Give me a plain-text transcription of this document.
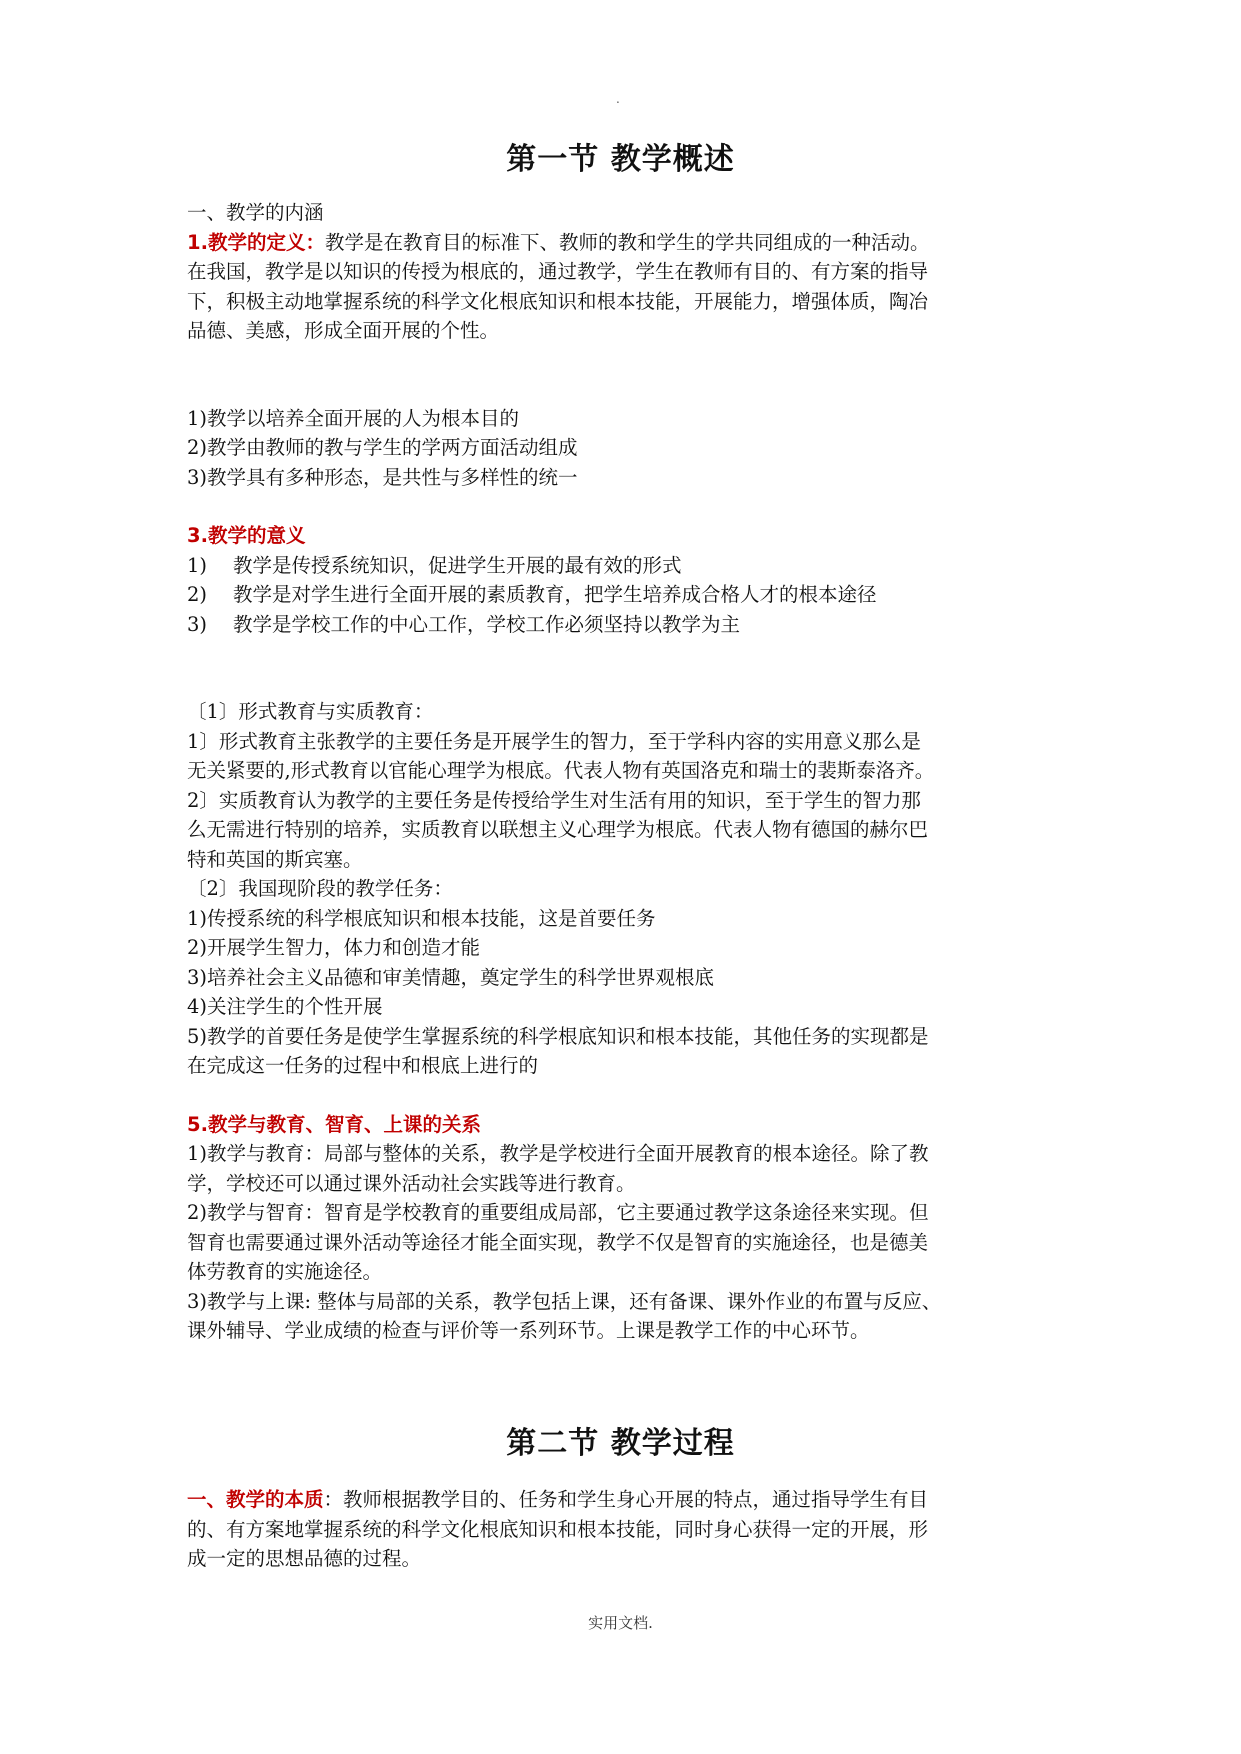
.
第一节 教学概述
一、教学的内涵
1.教学的定义：教学是在教育目的标准下、教师的教和学生的学共同组成的一种活动。
在我国，教学是以知识的传授为根底的，通过教学，学生在教师有目的、有方案的指导
下，积极主动地掌握系统的科学文化根底知识和根本技能，开展能力，增强体质，陶冶
品德、美感，形成全面开展的个性。
1)教学以培养全面开展的人为根本目的
2)教学由教师的教与学生的学两方面活动组成
3)教学具有多种形态，是共性与多样性的统一
3.教学的意义
1) 教学是传授系统知识，促进学生开展的最有效的形式
2) 教学是对学生进行全面开展的素质教育，把学生培养成合格人才的根本途径
3) 教学是学校工作的中心工作，学校工作必须坚持以教学为主
〔1〕形式教育与实质教育：
1〕形式教育主张教学的主要任务是开展学生的智力，至于学科内容的实用意义那么是
无关紧要的,形式教育以官能心理学为根底。代表人物有英国洛克和瑞士的裴斯泰洛齐。
2〕实质教育认为教学的主要任务是传授给学生对生活有用的知识，至于学生的智力那
么无需进行特别的培养，实质教育以联想主义心理学为根底。代表人物有德国的赫尔巴
特和英国的斯宾塞。
〔2〕我国现阶段的教学任务：
1)传授系统的科学根底知识和根本技能，这是首要任务
2)开展学生智力，体力和创造才能
3)培养社会主义品德和审美情趣，奠定学生的科学世界观根底
4)关注学生的个性开展
5)教学的首要任务是使学生掌握系统的科学根底知识和根本技能，其他任务的实现都是
在完成这一任务的过程中和根底上进行的
5.教学与教育、智育、上课的关系
1)教学与教育：局部与整体的关系，教学是学校进行全面开展教育的根本途径。除了教
学，学校还可以通过课外活动社会实践等进行教育。
2)教学与智育：智育是学校教育的重要组成局部，它主要通过教学这条途径来实现。但
智育也需要通过课外活动等途径才能全面实现，教学不仅是智育的实施途径，也是德美
体劳教育的实施途径。
3)教学与上课: 整体与局部的关系，教学包括上课，还有备课、课外作业的布置与反应、
课外辅导、学业成绩的检查与评价等一系列环节。上课是教学工作的中心环节。
第二节 教学过程
一、教学的本质：教师根据教学目的、任务和学生身心开展的特点，通过指导学生有目
的、有方案地掌握系统的科学文化根底知识和根本技能，同时身心获得一定的开展，形
成一定的思想品德的过程。
实用文档.
